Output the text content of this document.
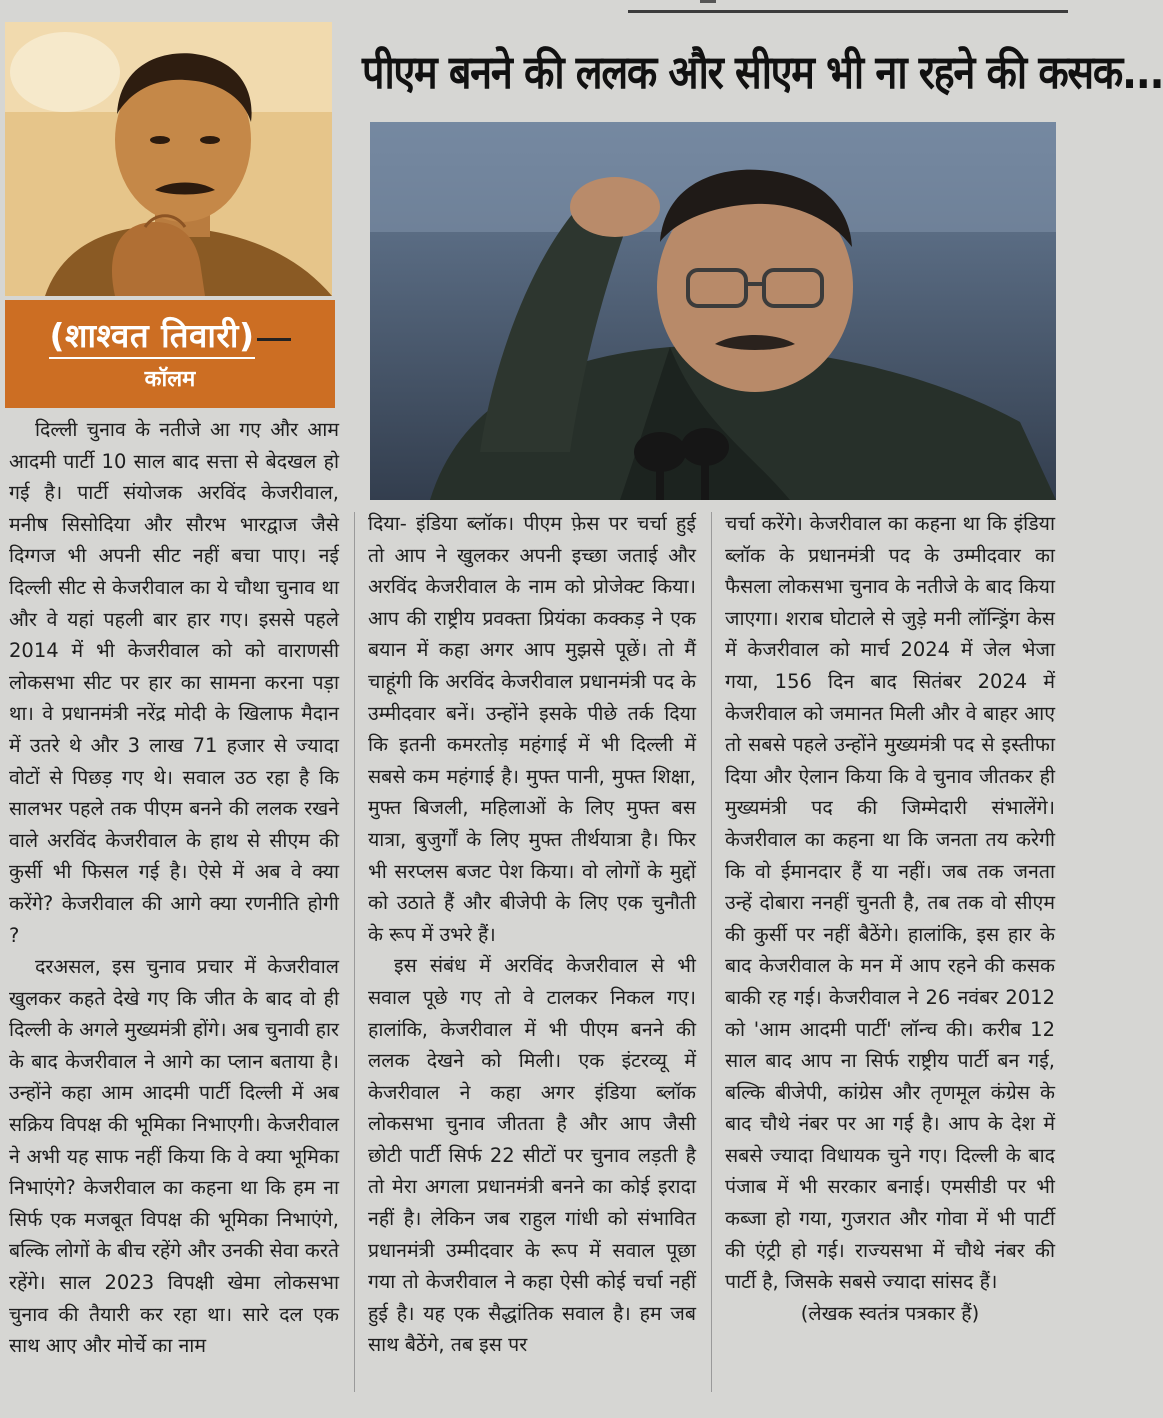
(शाश्वत तिवारी)
कॉलम
पीएम बनने की ललक और सीएम भी ना रहने की कसक...

दिल्ली चुनाव के नतीजे आ गए और आम आदमी पार्टी 10 साल बाद सत्ता से बेदखल हो गई है। पार्टी संयोजक अरविंद केजरीवाल, मनीष सिसोदिया और सौरभ भारद्वाज जैसे दिग्गज भी अपनी सीट नहीं बचा पाए। नई दिल्ली सीट से केजरीवाल का ये चौथा चुनाव था और वे यहां पहली बार हार गए। इससे पहले 2014 में भी केजरीवाल को को वाराणसी लोकसभा सीट पर हार का सामना करना पड़ा था। वे प्रधानमंत्री नरेंद्र मोदी के खिलाफ मैदान में उतरे थे और 3 लाख 71 हजार से ज्यादा वोटों से पिछड़ गए थे। सवाल उठ रहा है कि सालभर पहले तक पीएम बनने की ललक रखने वाले अरविंद केजरीवाल के हाथ से सीएम की कुर्सी भी फिसल गई है। ऐसे में अब वे क्या करेंगे? केजरीवाल की आगे क्या रणनीति होगी ?

दरअसल, इस चुनाव प्रचार में केजरीवाल खुलकर कहते देखे गए कि जीत के बाद वो ही दिल्ली के अगले मुख्यमंत्री होंगे। अब चुनावी हार के बाद केजरीवाल ने आगे का प्लान बताया है। उन्होंने कहा आम आदमी पार्टी दिल्ली में अब सक्रिय विपक्ष की भूमिका निभाएगी। केजरीवाल ने अभी यह साफ नहीं किया कि वे क्या भूमिका निभाएंगे? केजरीवाल का कहना था कि हम ना सिर्फ एक मजबूत विपक्ष की भूमिका निभाएंगे, बल्कि लोगों के बीच रहेंगे और उनकी सेवा करते रहेंगे। साल 2023 विपक्षी खेमा लोकसभा चुनाव की तैयारी कर रहा था। सारे दल एक साथ आए और मोर्चे का नाम

दिया- इंडिया ब्लॉक। पीएम फ़ेस पर चर्चा हुई तो आप ने खुलकर अपनी इच्छा जताई और अरविंद केजरीवाल के नाम को प्रोजेक्ट किया। आप की राष्ट्रीय प्रवक्ता प्रियंका कक्कड़ ने एक बयान में कहा अगर आप मुझसे पूछें। तो मैं चाहूंगी कि अरविंद केजरीवाल प्रधानमंत्री पद के उम्मीदवार बनें। उन्होंने इसके पीछे तर्क दिया कि इतनी कमरतोड़ महंगाई में भी दिल्ली में सबसे कम महंगाई है। मुफ्त पानी, मुफ्त शिक्षा, मुफ्त बिजली, महिलाओं के लिए मुफ्त बस यात्रा, बुजुर्गों के लिए मुफ्त तीर्थयात्रा है। फिर भी सरप्लस बजट पेश किया। वो लोगों के मुद्दों को उठाते हैं और बीजेपी के लिए एक चुनौती के रूप में उभरे हैं।

इस संबंध में अरविंद केजरीवाल से भी सवाल पूछे गए तो वे टालकर निकल गए। हालांकि, केजरीवाल में भी पीएम बनने की ललक देखने को मिली। एक इंटरव्यू में केजरीवाल ने कहा अगर इंडिया ब्लॉक लोकसभा चुनाव जीतता है और आप जैसी छोटी पार्टी सिर्फ 22 सीटों पर चुनाव लड़ती है तो मेरा अगला प्रधानमंत्री बनने का कोई इरादा नहीं है। लेकिन जब राहुल गांधी को संभावित प्रधानमंत्री उम्मीदवार के रूप में सवाल पूछा गया तो केजरीवाल ने कहा ऐसी कोई चर्चा नहीं हुई है। यह एक सैद्धांतिक सवाल है। हम जब साथ बैठेंगे, तब इस पर

चर्चा करेंगे। केजरीवाल का कहना था कि इंडिया ब्लॉक के प्रधानमंत्री पद के उम्मीदवार का फैसला लोकसभा चुनाव के नतीजे के बाद किया जाएगा। शराब घोटाले से जुड़े मनी लॉन्ड्रिंग केस में केजरीवाल को मार्च 2024 में जेल भेजा गया, 156 दिन बाद सितंबर 2024 में केजरीवाल को जमानत मिली और वे बाहर आए तो सबसे पहले उन्होंने मुख्यमंत्री पद से इस्तीफा दिया और ऐलान किया कि वे चुनाव जीतकर ही मुख्यमंत्री पद की जिम्मेदारी संभालेंगे। केजरीवाल का कहना था कि जनता तय करेगी कि वो ईमानदार हैं या नहीं। जब तक जनता उन्हें दोबारा ननहीं चुनती है, तब तक वो सीएम की कुर्सी पर नहीं बैठेंगे। हालांकि, इस हार के बाद केजरीवाल के मन में आप रहने की कसक बाकी रह गई। केजरीवाल ने 26 नवंबर 2012 को 'आम आदमी पार्टी' लॉन्च की। करीब 12 साल बाद आप ना सिर्फ राष्ट्रीय पार्टी बन गई, बल्कि बीजेपी, कांग्रेस और तृणमूल कंग्रेस के बाद चौथे नंबर पर आ गई है। आप के देश में सबसे ज्यादा विधायक चुने गए। दिल्ली के बाद पंजाब में भी सरकार बनाई। एमसीडी पर भी कब्जा हो गया, गुजरात और गोवा में भी पार्टी की एंट्री हो गई। राज्यसभा में चौथे नंबर की पार्टी है, जिसके सबसे ज्यादा सांसद हैं।

(लेखक स्वतंत्र पत्रकार हैं)
